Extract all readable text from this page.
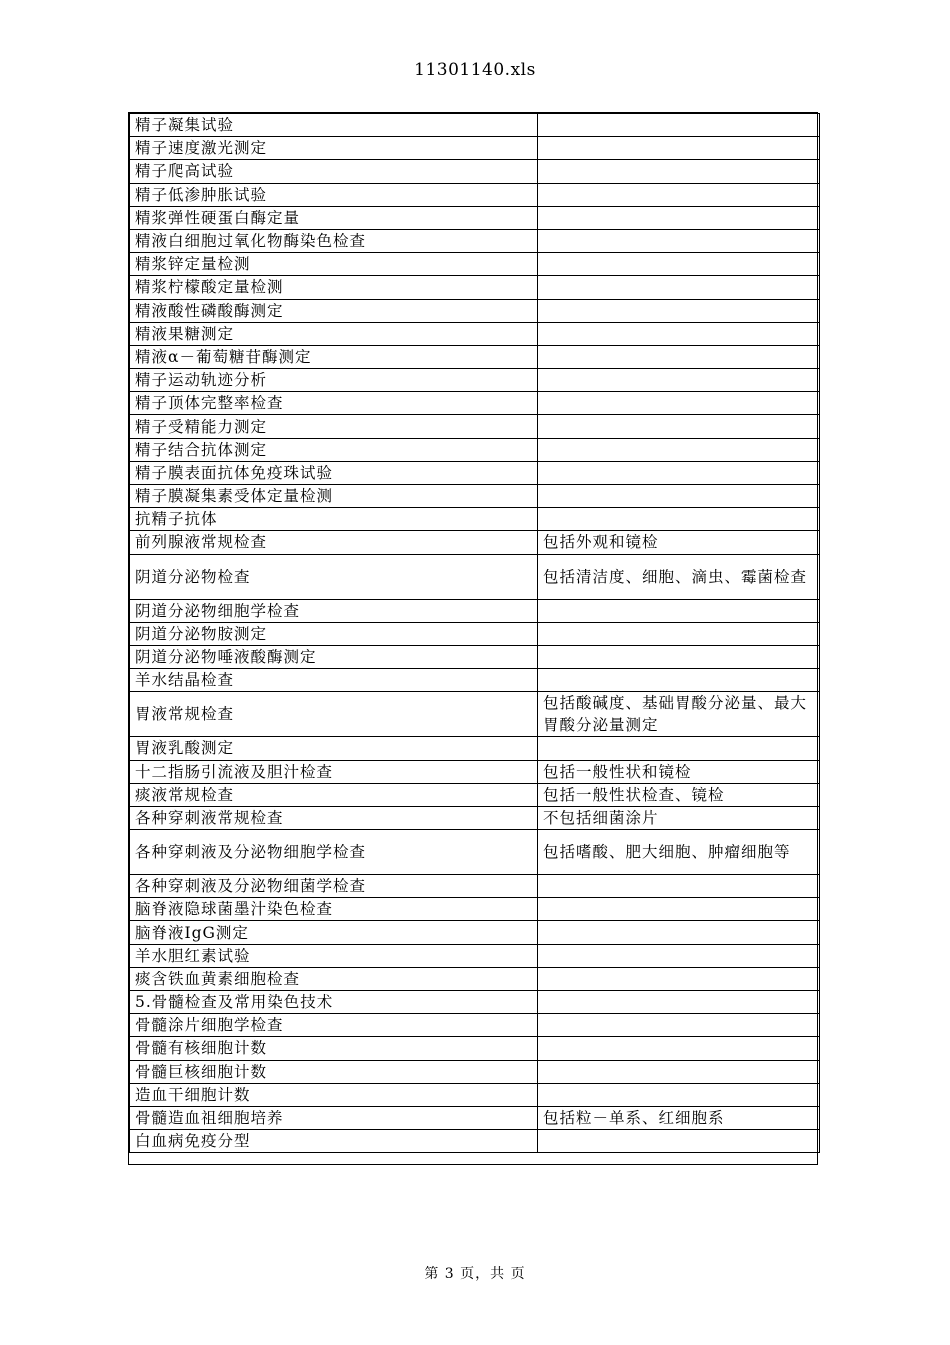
11301140.xls
精子凝集试验	
精子速度激光测定	
精子爬高试验	
精子低渗肿胀试验	
精浆弹性硬蛋白酶定量	
精液白细胞过氧化物酶染色检查	
精浆锌定量检测	
精浆柠檬酸定量检测	
精液酸性磷酸酶测定	
精液果糖测定	
精液α－葡萄糖苷酶测定	
精子运动轨迹分析	
精子顶体完整率检查	
精子受精能力测定	
精子结合抗体测定	
精子膜表面抗体免疫珠试验	
精子膜凝集素受体定量检测	
抗精子抗体	
前列腺液常规检查	包括外观和镜检
阴道分泌物检查	包括清洁度、细胞、滴虫、霉菌检查
阴道分泌物细胞学检查	
阴道分泌物胺测定	
阴道分泌物唾液酸酶测定	
羊水结晶检查	
胃液常规检查	包括酸碱度、基础胃酸分泌量、最大胃酸分泌量测定
胃液乳酸测定	
十二指肠引流液及胆汁检查	包括一般性状和镜检
痰液常规检查	包括一般性状检查、镜检
各种穿刺液常规检查	不包括细菌涂片
各种穿刺液及分泌物细胞学检查	包括嗜酸、肥大细胞、肿瘤细胞等
各种穿刺液及分泌物细菌学检查	
脑脊液隐球菌墨汁染色检查	
脑脊液IgG测定	
羊水胆红素试验	
痰含铁血黄素细胞检查	
5.骨髓检查及常用染色技术	
骨髓涂片细胞学检查	
骨髓有核细胞计数	
骨髓巨核细胞计数	
造血干细胞计数	
骨髓造血祖细胞培养	包括粒－单系、红细胞系
白血病免疫分型	
第 3 页，共 页
